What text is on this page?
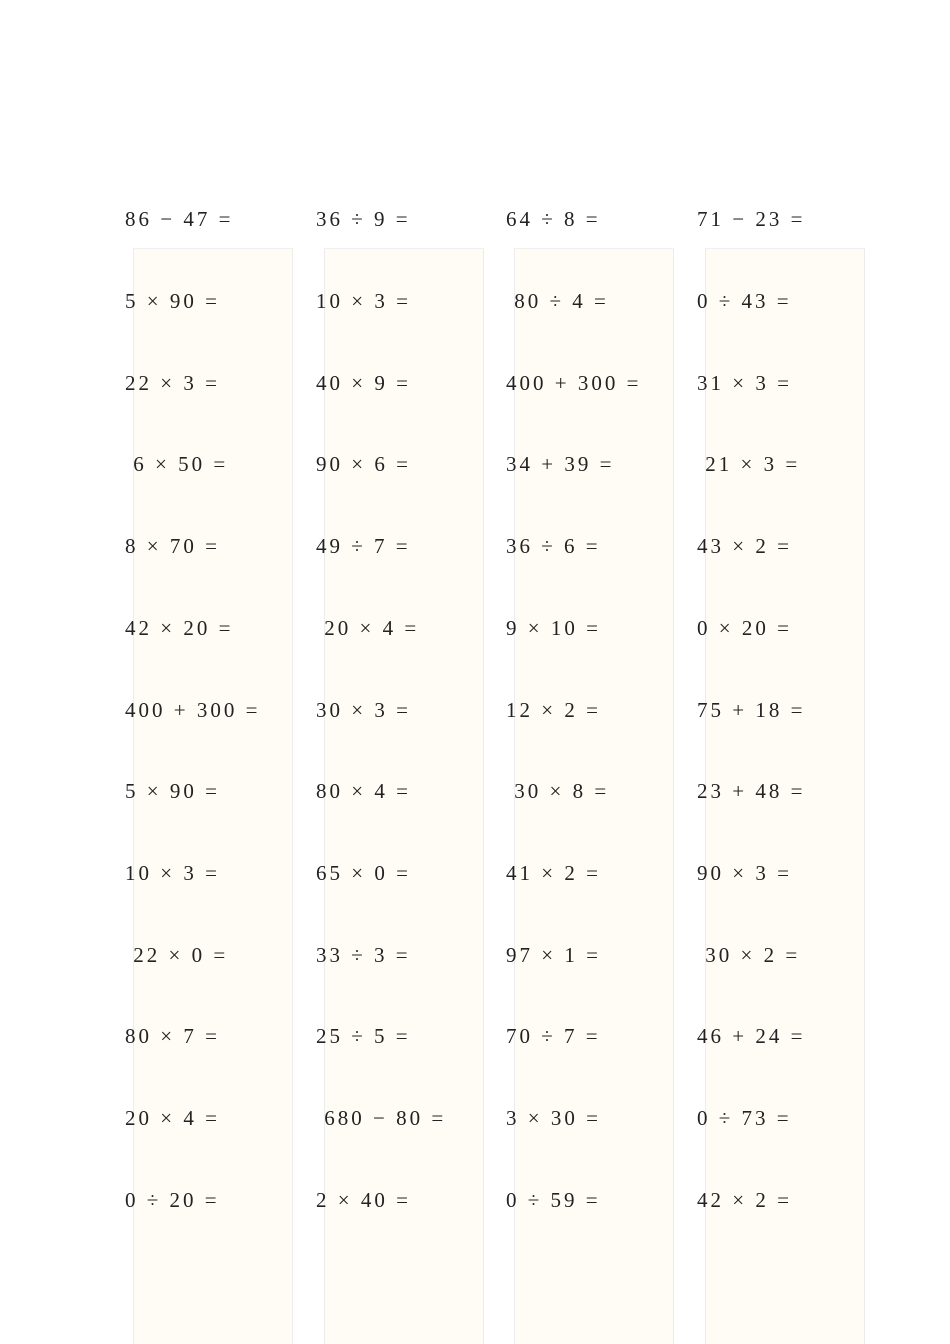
86 − 47 =
5 × 90 =
22 × 3 =
6 × 50 =
8 × 70 =
42 × 20 =
400 + 300 =
5 × 90 =
10 × 3 =
22 × 0 =
80 × 7 =
20 × 4 =
0 ÷ 20 =
36 ÷ 9 =
10 × 3 =
40 × 9 =
90 × 6 =
49 ÷ 7 =
20 × 4 =
30 × 3 =
80 × 4 =
65 × 0 =
33 ÷ 3 =
25 ÷ 5 =
680 − 80 =
2 × 40 =
64 ÷ 8 =
80 ÷ 4 =
400 + 300 =
34 + 39 =
36 ÷ 6 =
9 × 10 =
12 × 2 =
30 × 8 =
41 × 2 =
97 × 1 =
70 ÷ 7 =
3 × 30 =
0 ÷ 59 =
71 − 23 =
0 ÷ 43 =
31 × 3 =
21 × 3 =
43 × 2 =
0 × 20 =
75 + 18 =
23 + 48 =
90 × 3 =
30 × 2 =
46 + 24 =
0 ÷ 73 =
42 × 2 =
